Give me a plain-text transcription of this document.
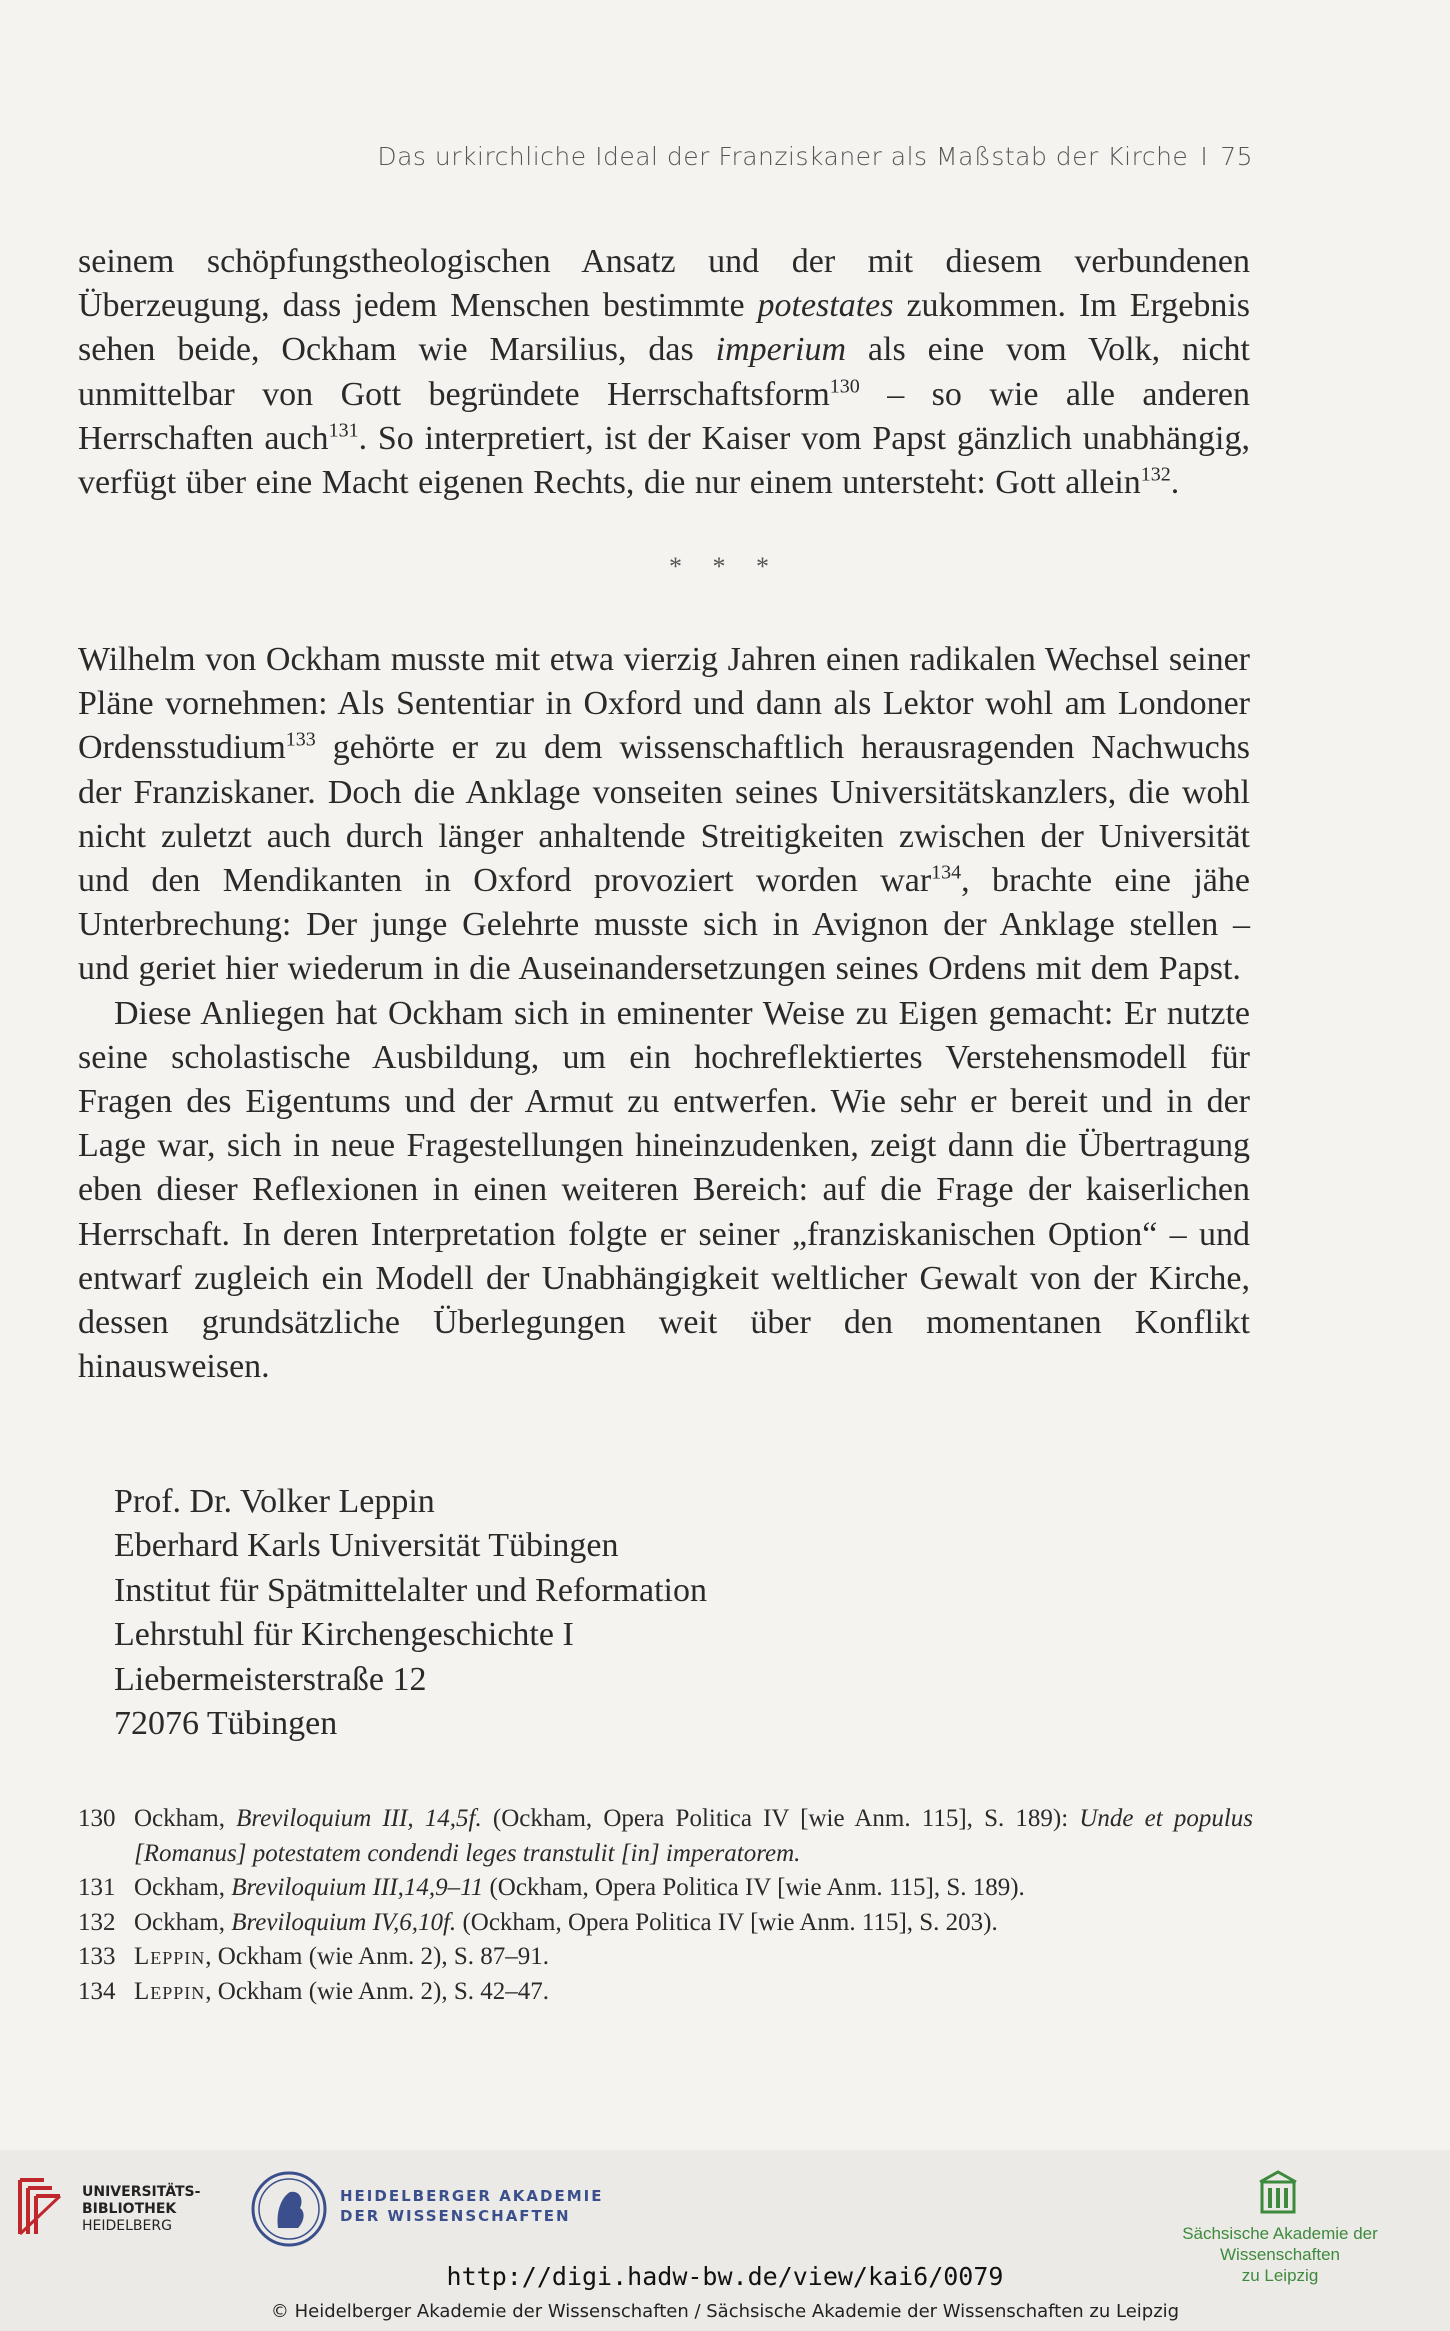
Das urkirchliche Ideal der Franziskaner als Maßstab der Kirche I 75

seinem schöpfungstheologischen Ansatz und der mit diesem verbundenen Überzeugung, dass jedem Menschen bestimmte potestates zukommen. Im Ergebnis sehen beide, Ockham wie Marsilius, das imperium als eine vom Volk, nicht unmittelbar von Gott begründete Herrschaftsform$^{130}$ – so wie alle anderen Herrschaften auch$^{131}$. So interpretiert, ist der Kaiser vom Papst gänzlich unabhängig, verfügt über eine Macht eigenen Rechts, die nur einem untersteht: Gott allein$^{132}$.

* * *

Wilhelm von Ockham musste mit etwa vierzig Jahren einen radikalen Wechsel seiner Pläne vornehmen: Als Sententiar in Oxford und dann als Lektor wohl am Londoner Ordensstudium$^{133}$ gehörte er zu dem wissenschaftlich herausragenden Nachwuchs der Franziskaner. Doch die Anklage vonseiten seines Universitätskanzlers, die wohl nicht zuletzt auch durch länger anhaltende Streitigkeiten zwischen der Universität und den Mendikanten in Oxford provoziert worden war$^{134}$, brachte eine jähe Unterbrechung: Der junge Gelehrte musste sich in Avignon der Anklage stellen – und geriet hier wiederum in die Auseinandersetzungen seines Ordens mit dem Papst.

Diese Anliegen hat Ockham sich in eminenter Weise zu Eigen gemacht: Er nutzte seine scholastische Ausbildung, um ein hochreflektiertes Verstehensmodell für Fragen des Eigentums und der Armut zu entwerfen. Wie sehr er bereit und in der Lage war, sich in neue Fragestellungen hineinzudenken, zeigt dann die Übertragung eben dieser Reflexionen in einen weiteren Bereich: auf die Frage der kaiserlichen Herrschaft. In deren Interpretation folgte er seiner „franziskanischen Option“ – und entwarf zugleich ein Modell der Unabhängigkeit weltlicher Gewalt von der Kirche, dessen grundsätzliche Überlegungen weit über den momentanen Konflikt hinausweisen.

Prof. Dr. Volker Leppin
Eberhard Karls Universität Tübingen
Institut für Spätmittelalter und Reformation
Lehrstuhl für Kirchengeschichte I
Liebermeisterstraße 12
72076 Tübingen
130 Ockham, Breviloquium III, 14,5f. (Ockham, Opera Politica IV [wie Anm. 115], S. 189): Unde et populus [Romanus] potestatem condendi leges transtulit [in] imperatorem.
131 Ockham, Breviloquium III,14,9–11 (Ockham, Opera Politica IV [wie Anm. 115], S. 189).
132 Ockham, Breviloquium IV,6,10f. (Ockham, Opera Politica IV [wie Anm. 115], S. 203).
133 Leppin, Ockham (wie Anm. 2), S. 87–91.
134 Leppin, Ockham (wie Anm. 2), S. 42–47.
UNIVERSITÄTS-
BIBLIOTHEK
HEIDELBERG
HEIDELBERGER AKADEMIE
DER WISSENSCHAFTEN
Sächsische Akademie der Wissenschaften
zu Leipzig
http://digi.hadw-bw.de/view/kai6/0079
© Heidelberger Akademie der Wissenschaften / Sächsische Akademie der Wissenschaften zu Leipzig
